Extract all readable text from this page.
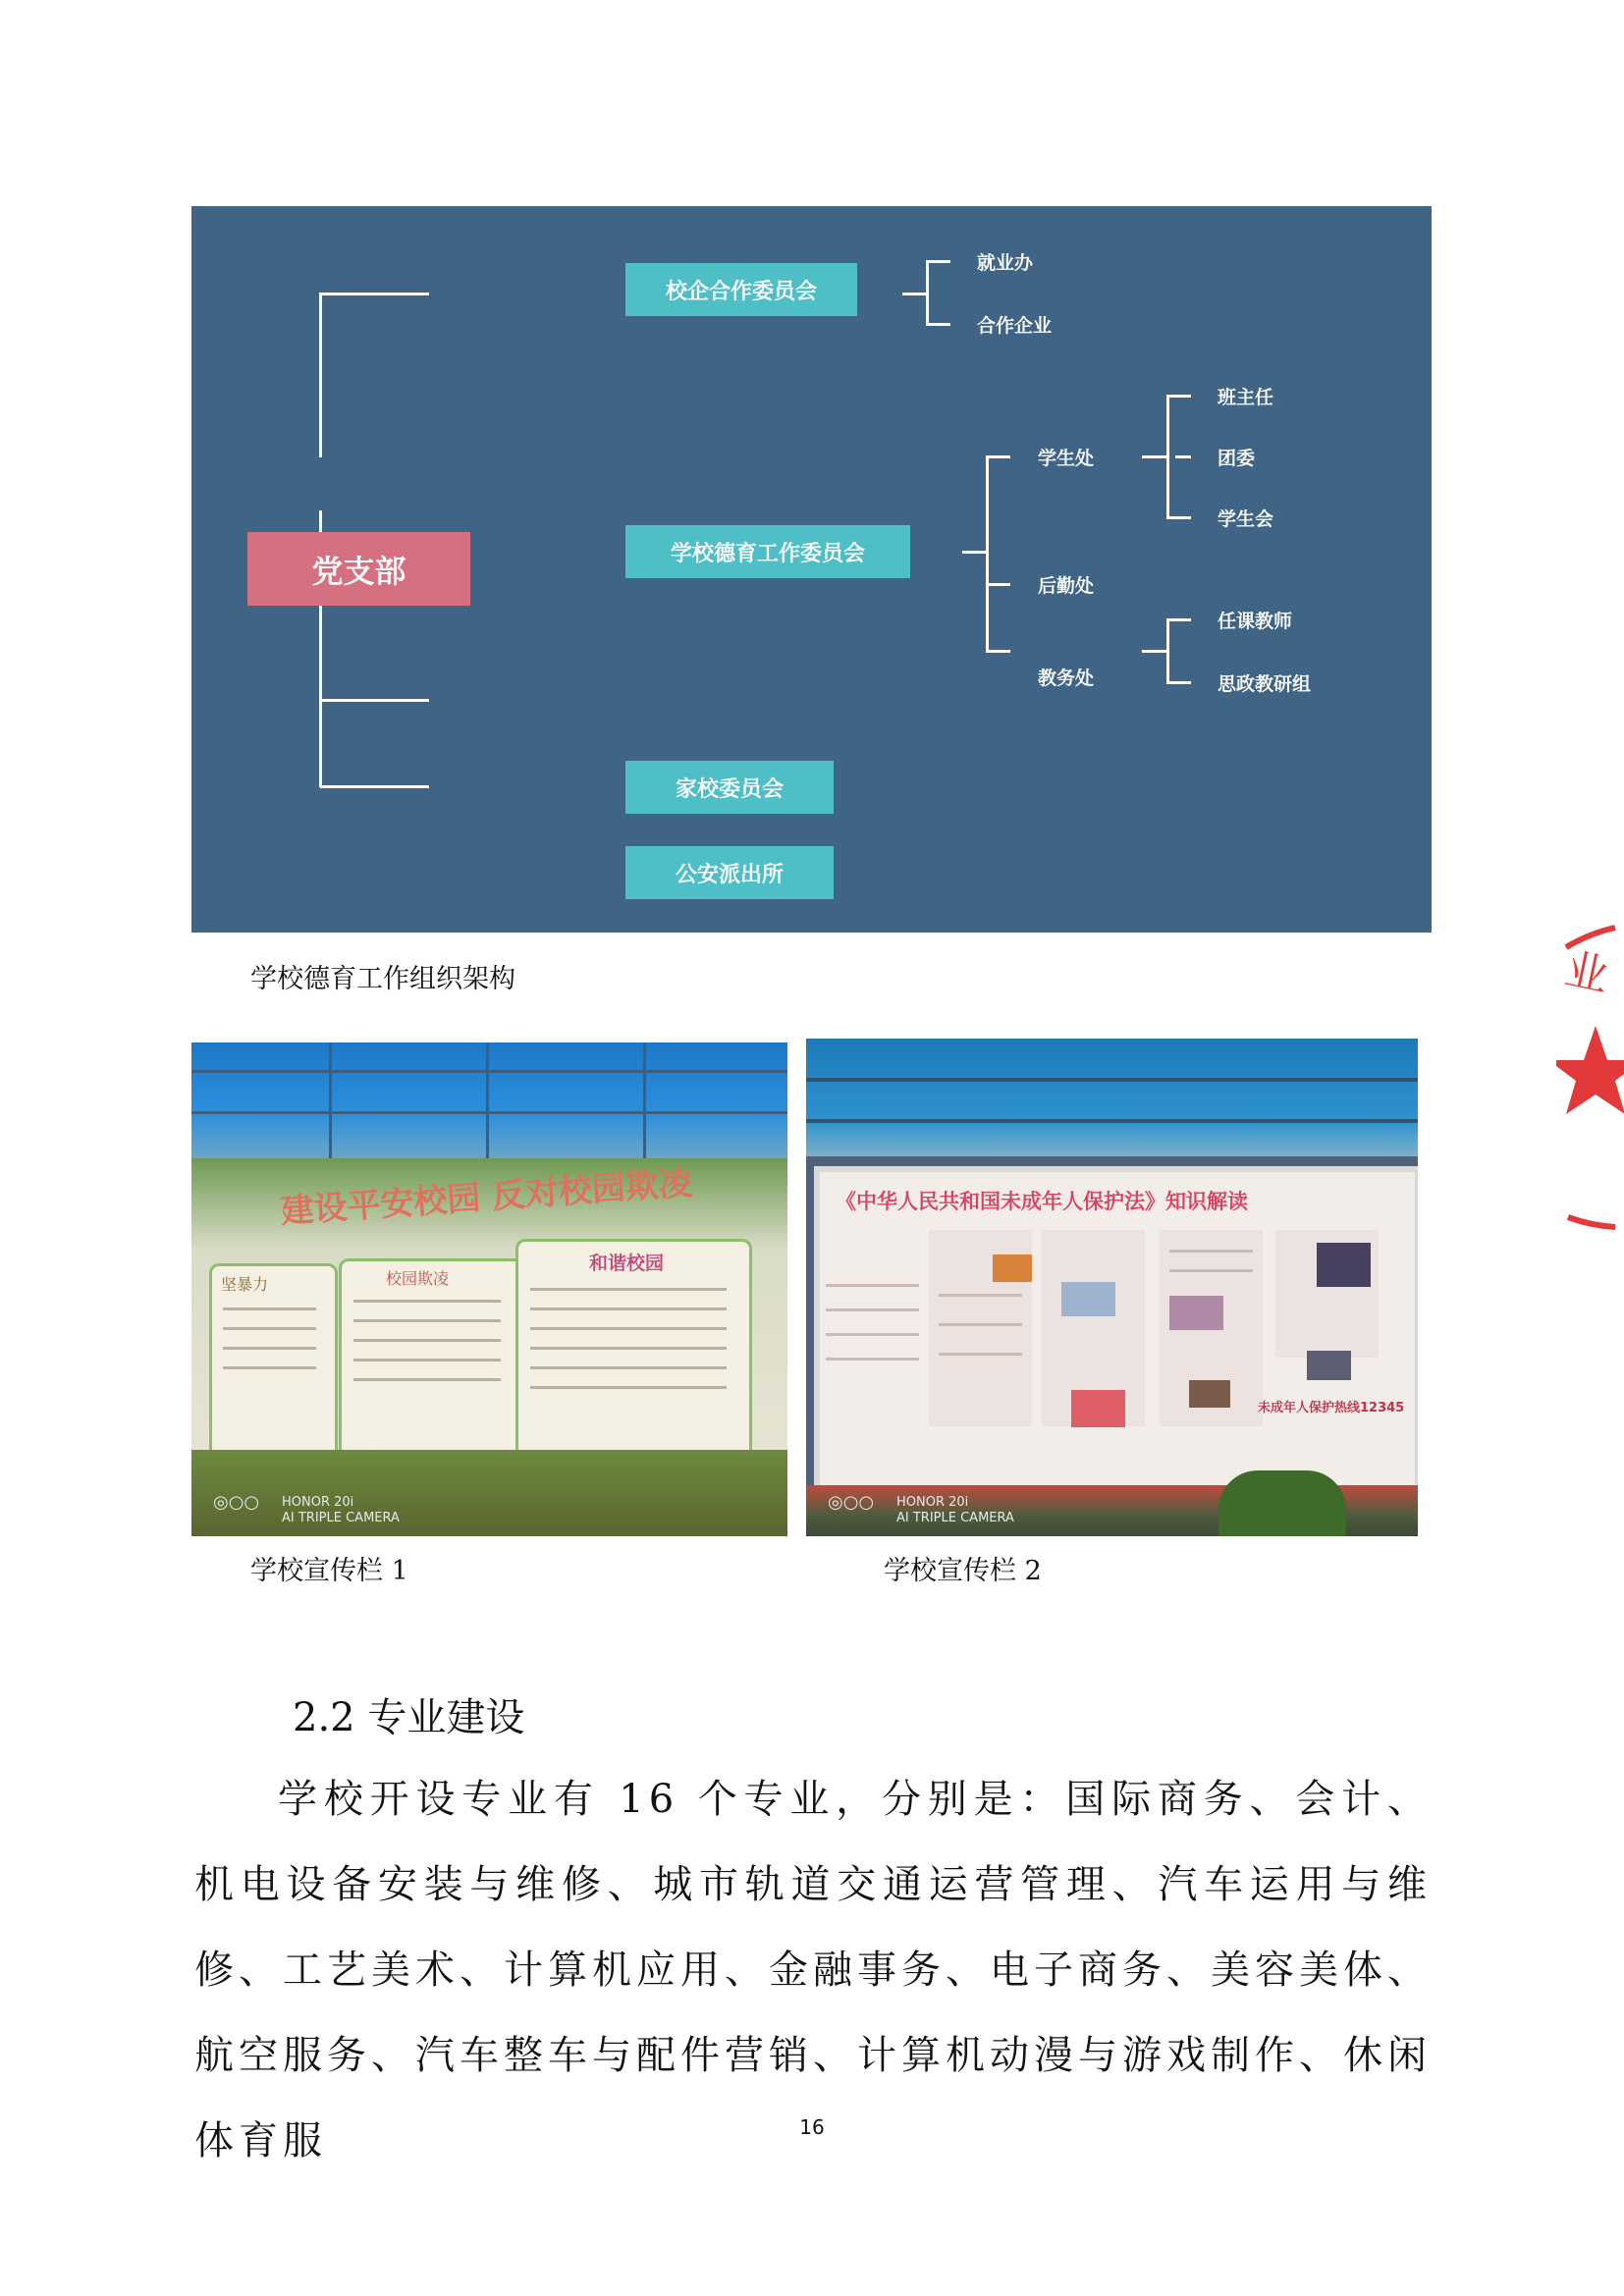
党支部
校企合作委员会
学校德育工作委员会
家校委员会
公安派出所
就业办
合作企业
学生处
后勤处
教务处
班主任
团委
学生会
任课教师
思政教研组
学校德育工作组织架构
建设平安校园 反对校园欺凌
坚暴力	校园欺凌
和谐校园
◎○○ HONOR 20i
AI TRIPLE CAMERA
《中华人民共和国未成年人保护法》知识解读
未成年人保护热线12345
◎○○ HONOR 20i
AI TRIPLE CAMERA
学校宣传栏 1	学校宣传栏 2
2.2 专业建设

学校开设专业有 16 个专业，分别是：国际商务、会计、机电设备安装与维修、城市轨道交通运营管理、汽车运用与维修、工艺美术、计算机应用、金融事务、电子商务、美容美体、航空服务、汽车整车与配件营销、计算机动漫与游戏制作、休闲体育服	16
业
